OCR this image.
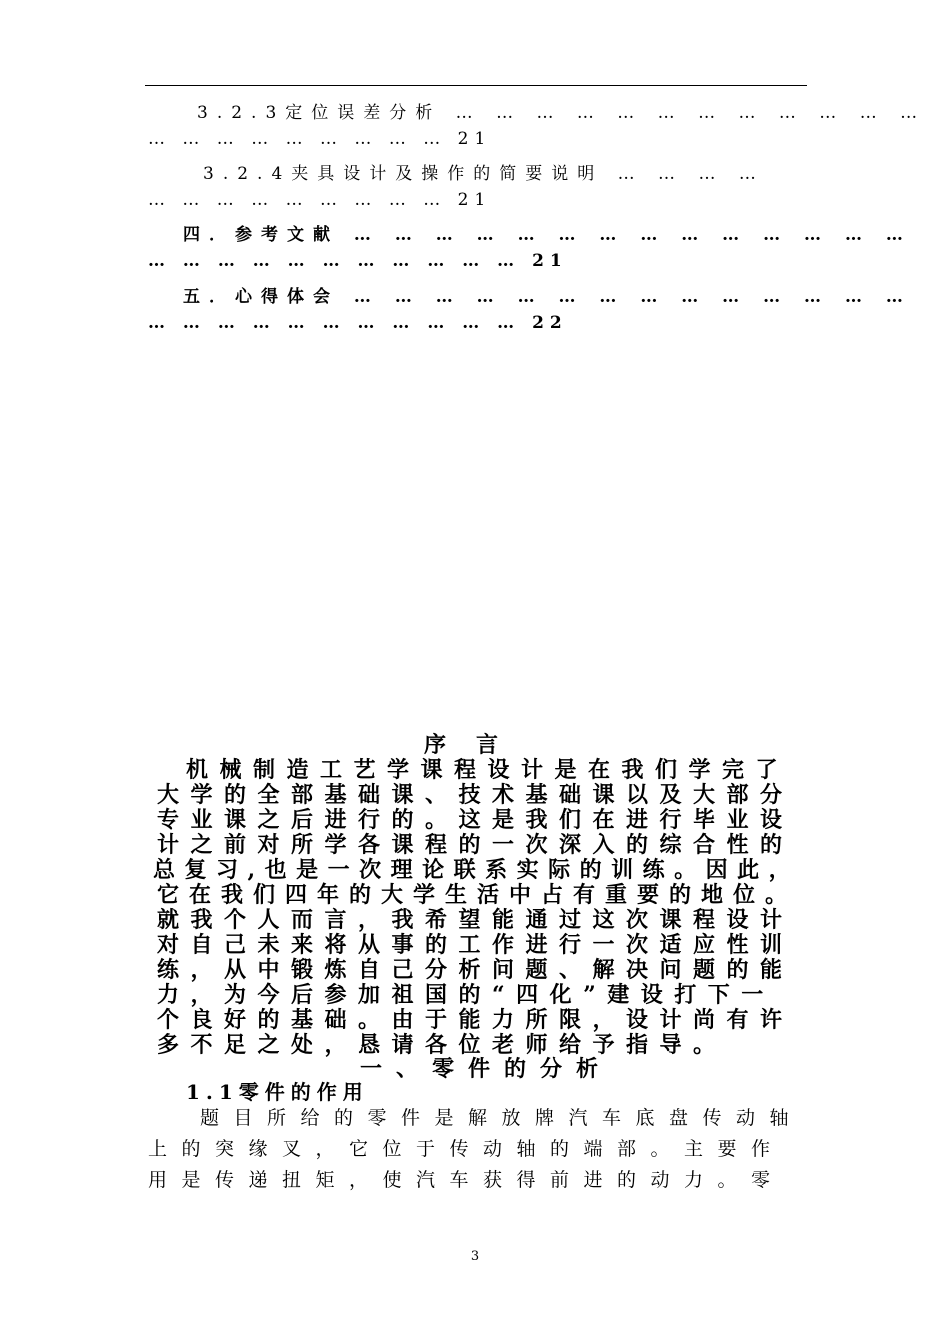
3.2.3定位误差分析 … … … … … … … … … … … …
… … … … … … … … … 21
3.2.4夹具设计及操作的简要说明 … … … …
… … … … … … … … … 21
四．参考文献 … … … … … … … … … … … … … …
… … … … … … … … … … … 21
五．心得体会 … … … … … … … … … … … … … …
… … … … … … … … … … … 22
序言
机械制造工艺学课程设计是在我们学完了
大学的全部基础课、技术基础课以及大部分
专业课之后进行的。这是我们在进行毕业设
计之前对所学各课程的一次深入的综合性的
总复习,也是一次理论联系实际的训练。因此，
它在我们四年的大学生活中占有重要的地位。
就我个人而言，我希望能通过这次课程设计
对自己未来将从事的工作进行一次适应性训
练，从中锻炼自己分析问题、解决问题的能
力，为今后参加祖国的“四化”建设打下一
个良好的基础。由于能力所限，设计尚有许
多不足之处，恳请各位老师给予指导。
一、零件的分析
1.1零件的作用
题目所给的零件是解放牌汽车底盘传动轴
上的突缘叉，它位于传动轴的端部。主要作
用是传递扭矩，使汽车获得前进的动力。零
3
